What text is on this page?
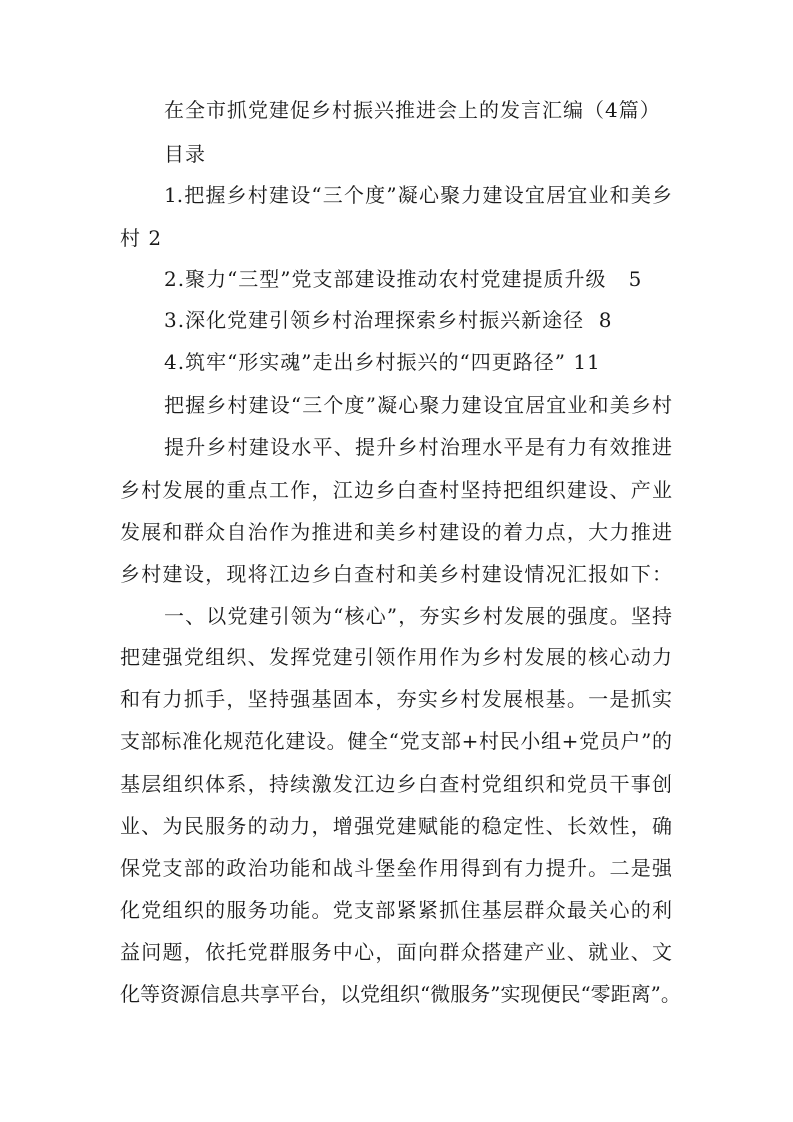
在全市抓党建促乡村振兴推进会上的发言汇编（4篇）
目录
1.把握乡村建设“三个度”凝心聚力建设宜居宜业和美乡
村 2
2.聚力“三型”党支部建设推动农村党建提质升级   5
3.深化党建引领乡村治理探索乡村振兴新途径  8
4.筑牢“形实魂”走出乡村振兴的“四更路径” 11
把握乡村建设“三个度”凝心聚力建设宜居宜业和美乡村
提升乡村建设水平、提升乡村治理水平是有力有效推进
乡村发展的重点工作，江边乡白查村坚持把组织建设、产业
发展和群众自治作为推进和美乡村建设的着力点，大力推进
乡村建设，现将江边乡白查村和美乡村建设情况汇报如下：
一、以党建引领为“核心”，夯实乡村发展的强度。坚持
把建强党组织、发挥党建引领作用作为乡村发展的核心动力
和有力抓手，坚持强基固本，夯实乡村发展根基。一是抓实
支部标准化规范化建设。健全“党支部+村民小组+党员户”的
基层组织体系，持续激发江边乡白查村党组织和党员干事创
业、为民服务的动力，增强党建赋能的稳定性、长效性，确
保党支部的政治功能和战斗堡垒作用得到有力提升。二是强
化党组织的服务功能。党支部紧紧抓住基层群众最关心的利
益问题，依托党群服务中心，面向群众搭建产业、就业、文
化等资源信息共享平台，以党组织“微服务”实现便民“零距离”。
